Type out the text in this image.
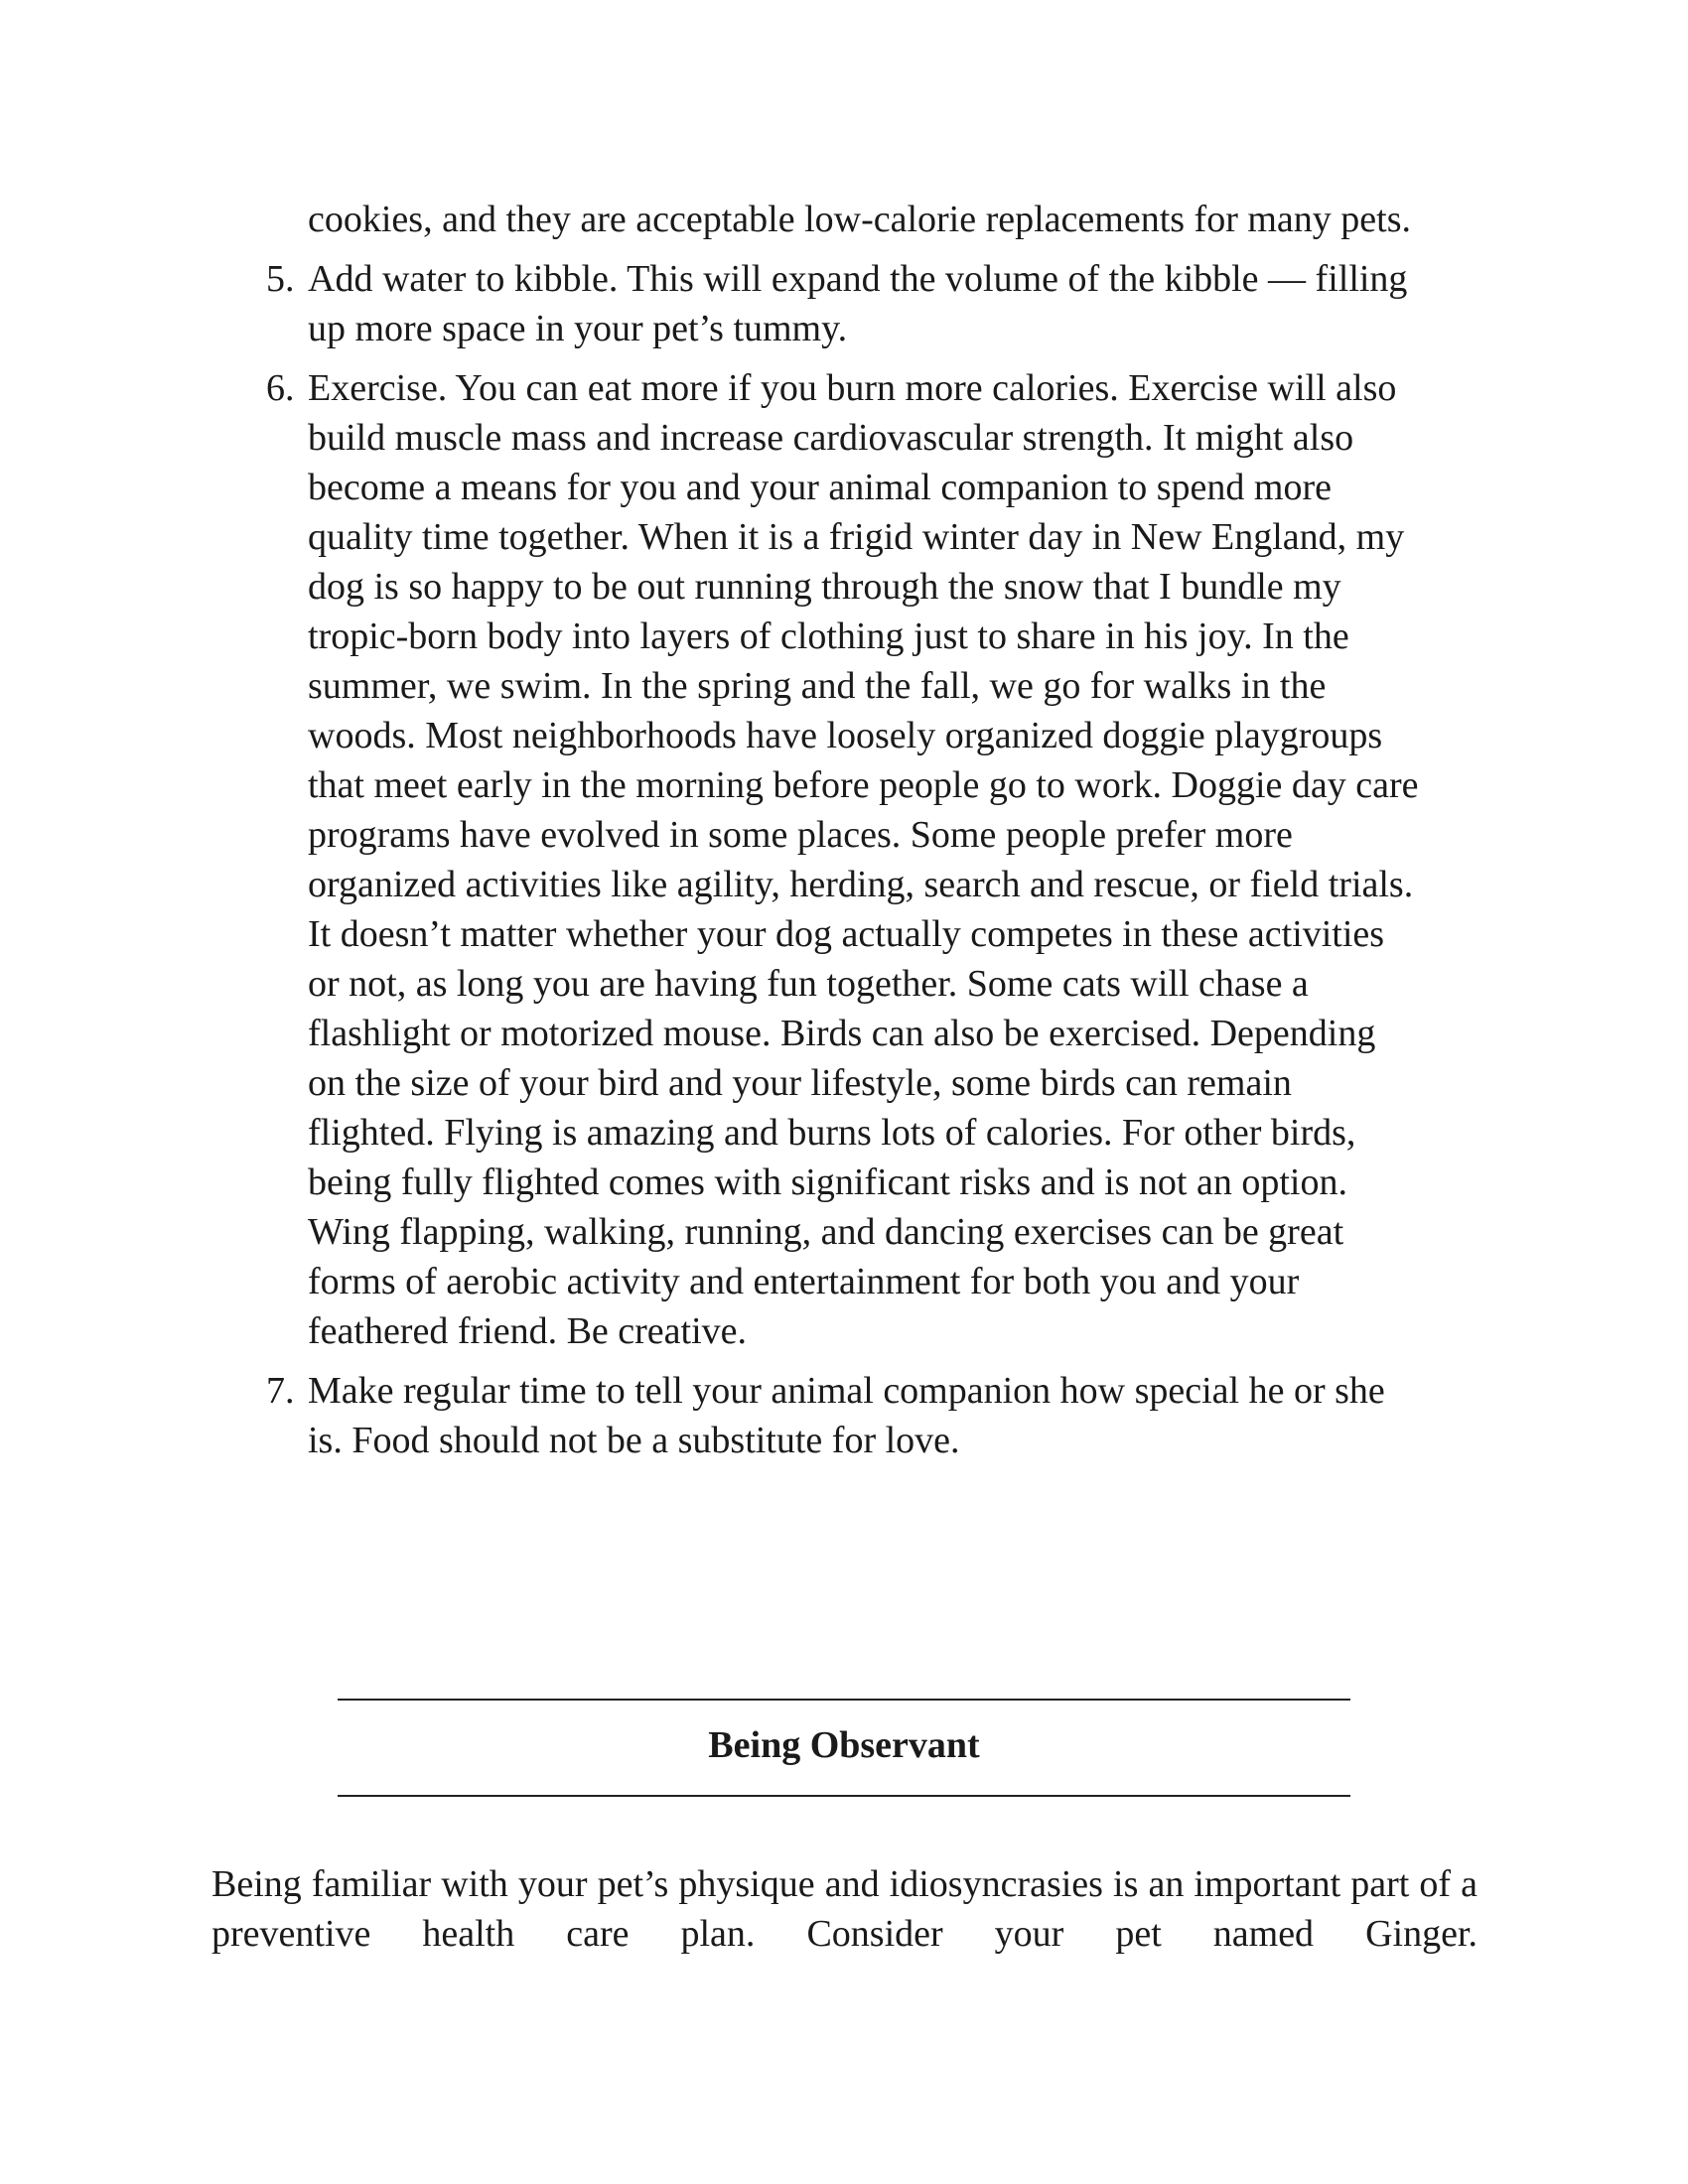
cookies, and they are acceptable low-calorie replacements for many pets.
5. Add water to kibble. This will expand the volume of the kibble — filling up more space in your pet’s tummy.
6. Exercise. You can eat more if you burn more calories. Exercise will also build muscle mass and increase cardiovascular strength. It might also become a means for you and your animal companion to spend more quality time together. When it is a frigid winter day in New England, my dog is so happy to be out running through the snow that I bundle my tropic-born body into layers of clothing just to share in his joy. In the summer, we swim. In the spring and the fall, we go for walks in the woods. Most neighborhoods have loosely organized doggie playgroups that meet early in the morning before people go to work. Doggie day care programs have evolved in some places. Some people prefer more organized activities like agility, herding, search and rescue, or field trials. It doesn’t matter whether your dog actually competes in these activities or not, as long you are having fun together. Some cats will chase a flashlight or motorized mouse. Birds can also be exercised. Depending on the size of your bird and your lifestyle, some birds can remain flighted. Flying is amazing and burns lots of calories. For other birds, being fully flighted comes with significant risks and is not an option. Wing flapping, walking, running, and dancing exercises can be great forms of aerobic activity and entertainment for both you and your feathered friend. Be creative.
7. Make regular time to tell your animal companion how special he or she is. Food should not be a substitute for love.
Being Observant
Being familiar with your pet’s physique and idiosyncrasies is an important part of a preventive health care plan. Consider your pet named Ginger.
